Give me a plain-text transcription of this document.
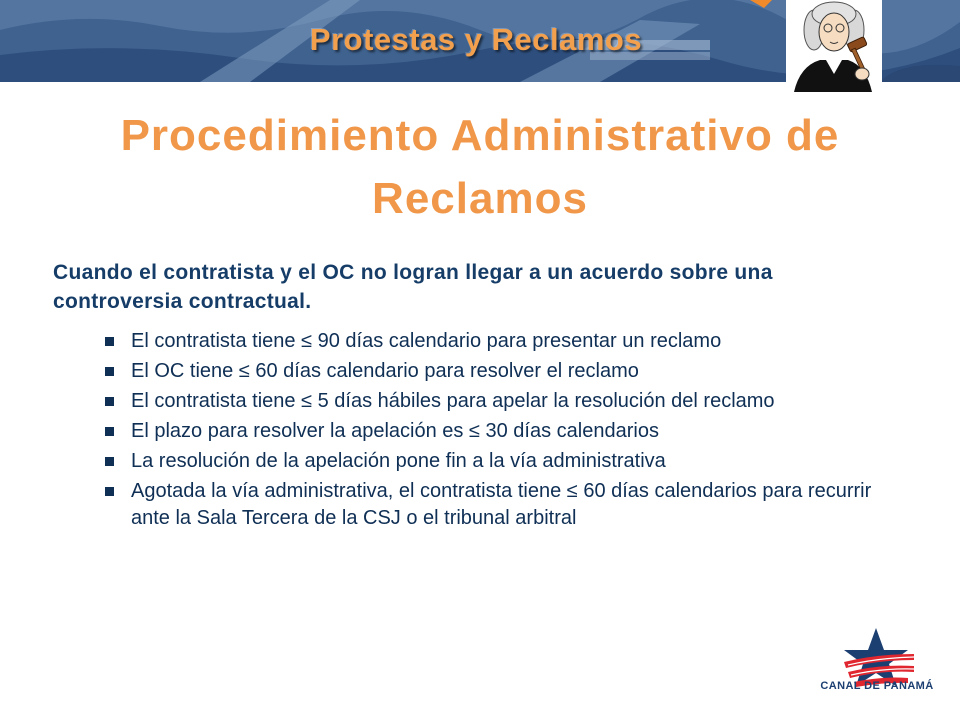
Protestas y Reclamos
Procedimiento Administrativo de Reclamos
Cuando el contratista y el OC no logran llegar a un acuerdo sobre una controversia contractual.
El contratista tiene ≤ 90 días calendario para presentar un reclamo
El OC tiene ≤ 60 días calendario para resolver el reclamo
El contratista tiene ≤ 5 días hábiles para apelar la resolución del reclamo
El plazo para resolver la apelación es ≤ 30 días calendarios
La resolución de la apelación pone fin a la vía administrativa
Agotada la vía administrativa, el contratista tiene ≤ 60 días calendarios para recurrir ante la Sala Tercera de la CSJ o el tribunal arbitral
CANAL DE PANAMÁ
